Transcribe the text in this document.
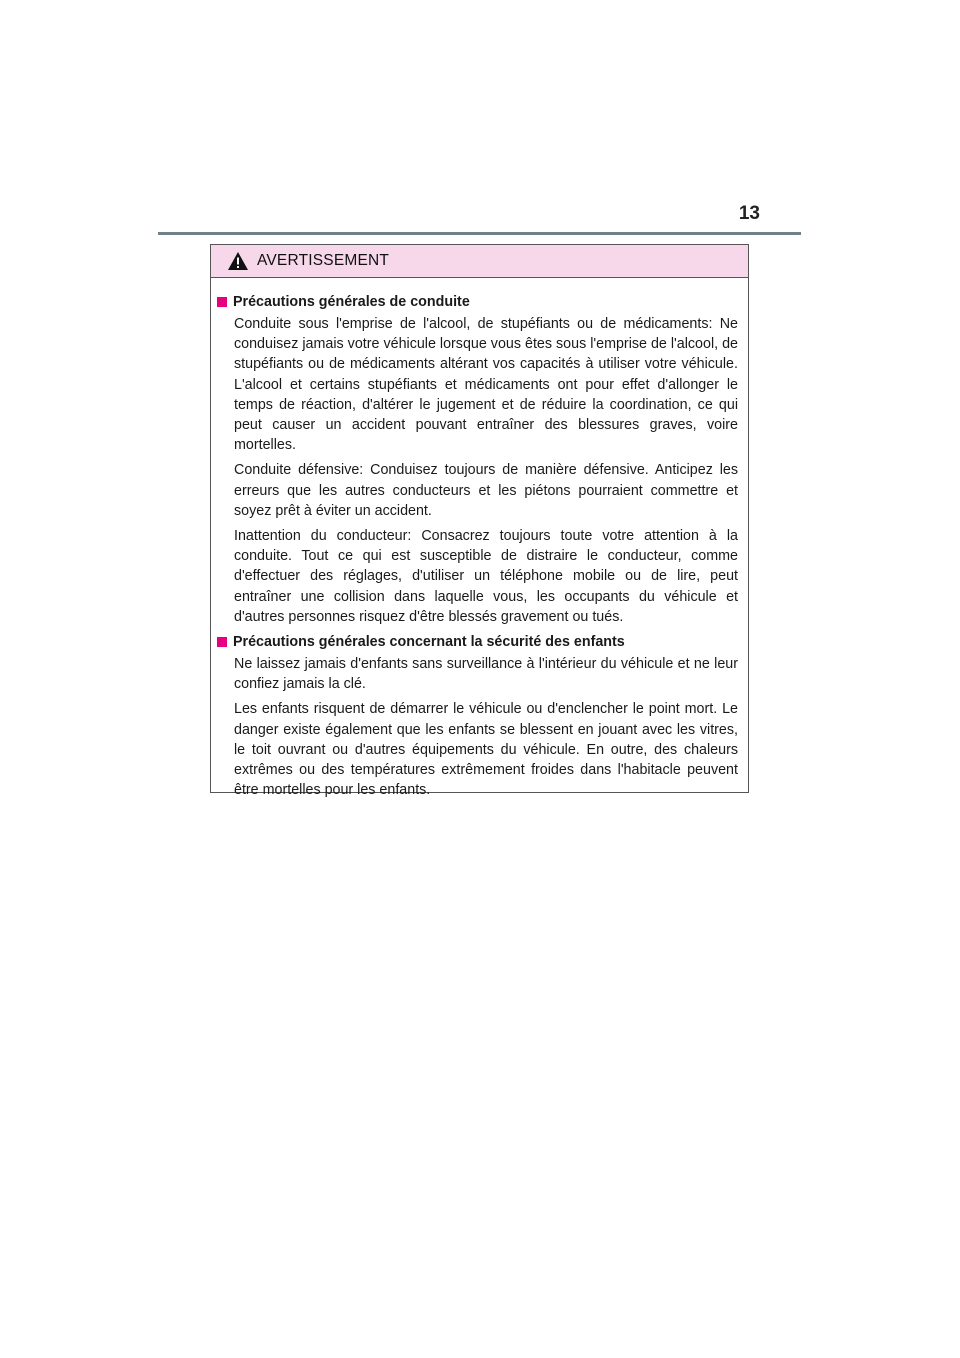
13
AVERTISSEMENT
Précautions générales de conduite

Conduite sous l'emprise de l'alcool, de stupéfiants ou de médicaments: Ne conduisez jamais votre véhicule lorsque vous êtes sous l'emprise de l'alcool, de stupéfiants ou de médicaments altérant vos capacités à utiliser votre véhicule. L'alcool et certains stupéfiants et médicaments ont pour effet d'allonger le temps de réaction, d'altérer le jugement et de réduire la coordination, ce qui peut causer un accident pouvant entraîner des blessures graves, voire mortelles.

Conduite défensive: Conduisez toujours de manière défensive. Anticipez les erreurs que les autres conducteurs et les piétons pourraient commettre et soyez prêt à éviter un accident.

Inattention du conducteur: Consacrez toujours toute votre attention à la conduite. Tout ce qui est susceptible de distraire le conducteur, comme d'effectuer des réglages, d'utiliser un téléphone mobile ou de lire, peut entraîner une collision dans laquelle vous, les occupants du véhicule et d'autres personnes risquez d'être blessés gravement ou tués.

Précautions générales concernant la sécurité des enfants

Ne laissez jamais d'enfants sans surveillance à l'intérieur du véhicule et ne leur confiez jamais la clé.

Les enfants risquent de démarrer le véhicule ou d'enclencher le point mort. Le danger existe également que les enfants se blessent en jouant avec les vitres, le toit ouvrant ou d'autres équipements du véhicule. En outre, des chaleurs extrêmes ou des températures extrêmement froides dans l'habitacle peuvent être mortelles pour les enfants.
